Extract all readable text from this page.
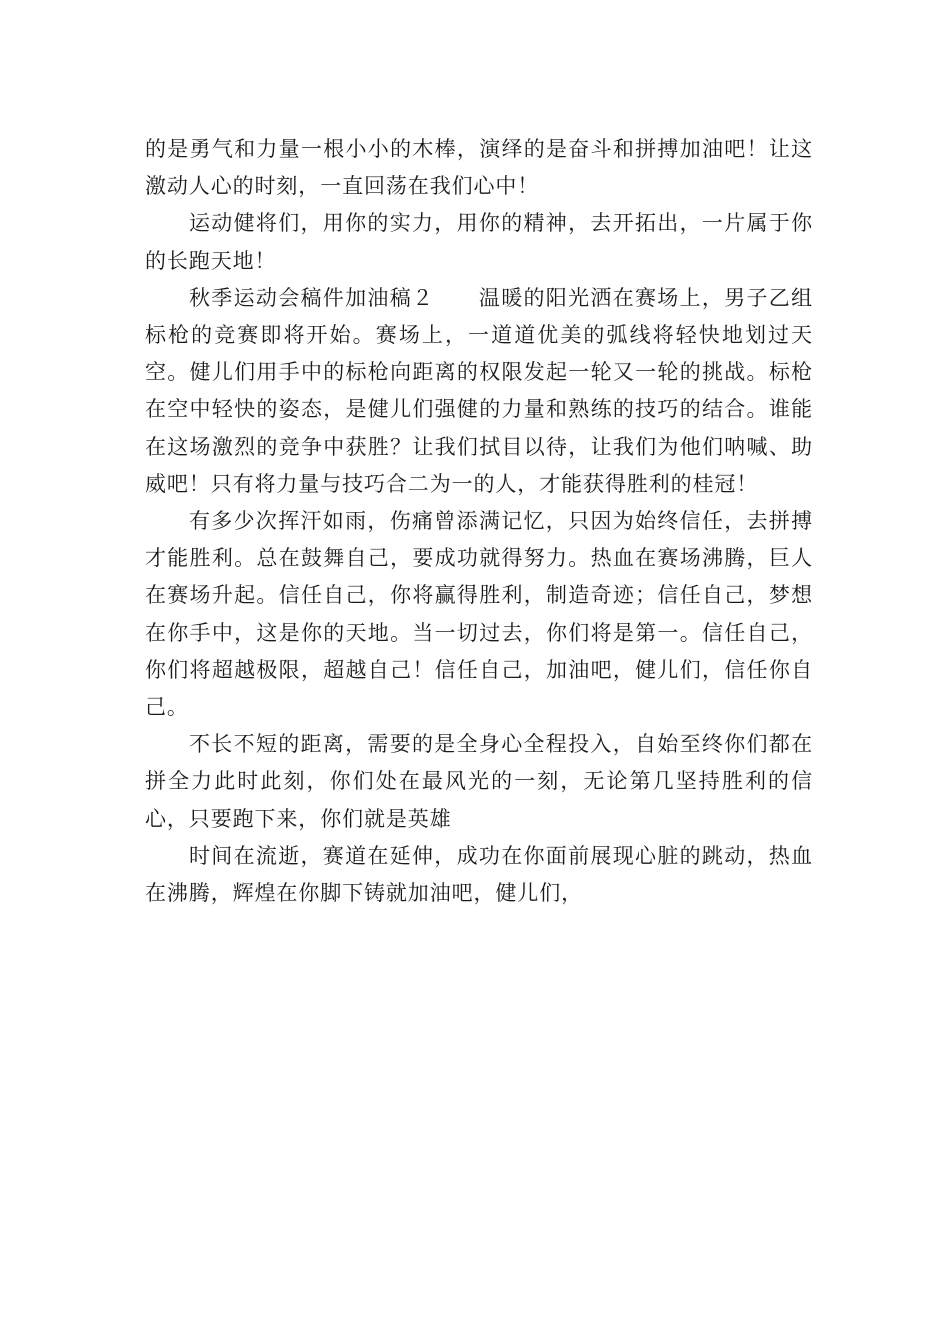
的是勇气和力量一根小小的木棒，演绎的是奋斗和拼搏加油吧！让这激动人心的时刻，一直回荡在我们心中！

运动健将们，用你的实力，用你的精神，去开拓出，一片属于你的长跑天地！

秋季运动会稿件加油稿２　　温暖的阳光洒在赛场上，男子乙组标枪的竞赛即将开始。赛场上，一道道优美的弧线将轻快地划过天空。健儿们用手中的标枪向距离的权限发起一轮又一轮的挑战。标枪在空中轻快的姿态，是健儿们强健的力量和熟练的技巧的结合。谁能在这场激烈的竞争中获胜？让我们拭目以待，让我们为他们呐喊、助威吧！只有将力量与技巧合二为一的人，才能获得胜利的桂冠！

有多少次挥汗如雨，伤痛曾添满记忆，只因为始终信任，去拼搏才能胜利。总在鼓舞自己，要成功就得努力。热血在赛场沸腾，巨人在赛场升起。信任自己，你将赢得胜利，制造奇迹；信任自己，梦想在你手中，这是你的天地。当一切过去，你们将是第一。信任自己，你们将超越极限，超越自己！信任自己，加油吧，健儿们，信任你自己。

不长不短的距离，需要的是全身心全程投入，自始至终你们都在拼全力此时此刻，你们处在最风光的一刻，无论第几坚持胜利的信心，只要跑下来，你们就是英雄

时间在流逝，赛道在延伸，成功在你面前展现心脏的跳动，热血在沸腾，辉煌在你脚下铸就加油吧，健儿们，
